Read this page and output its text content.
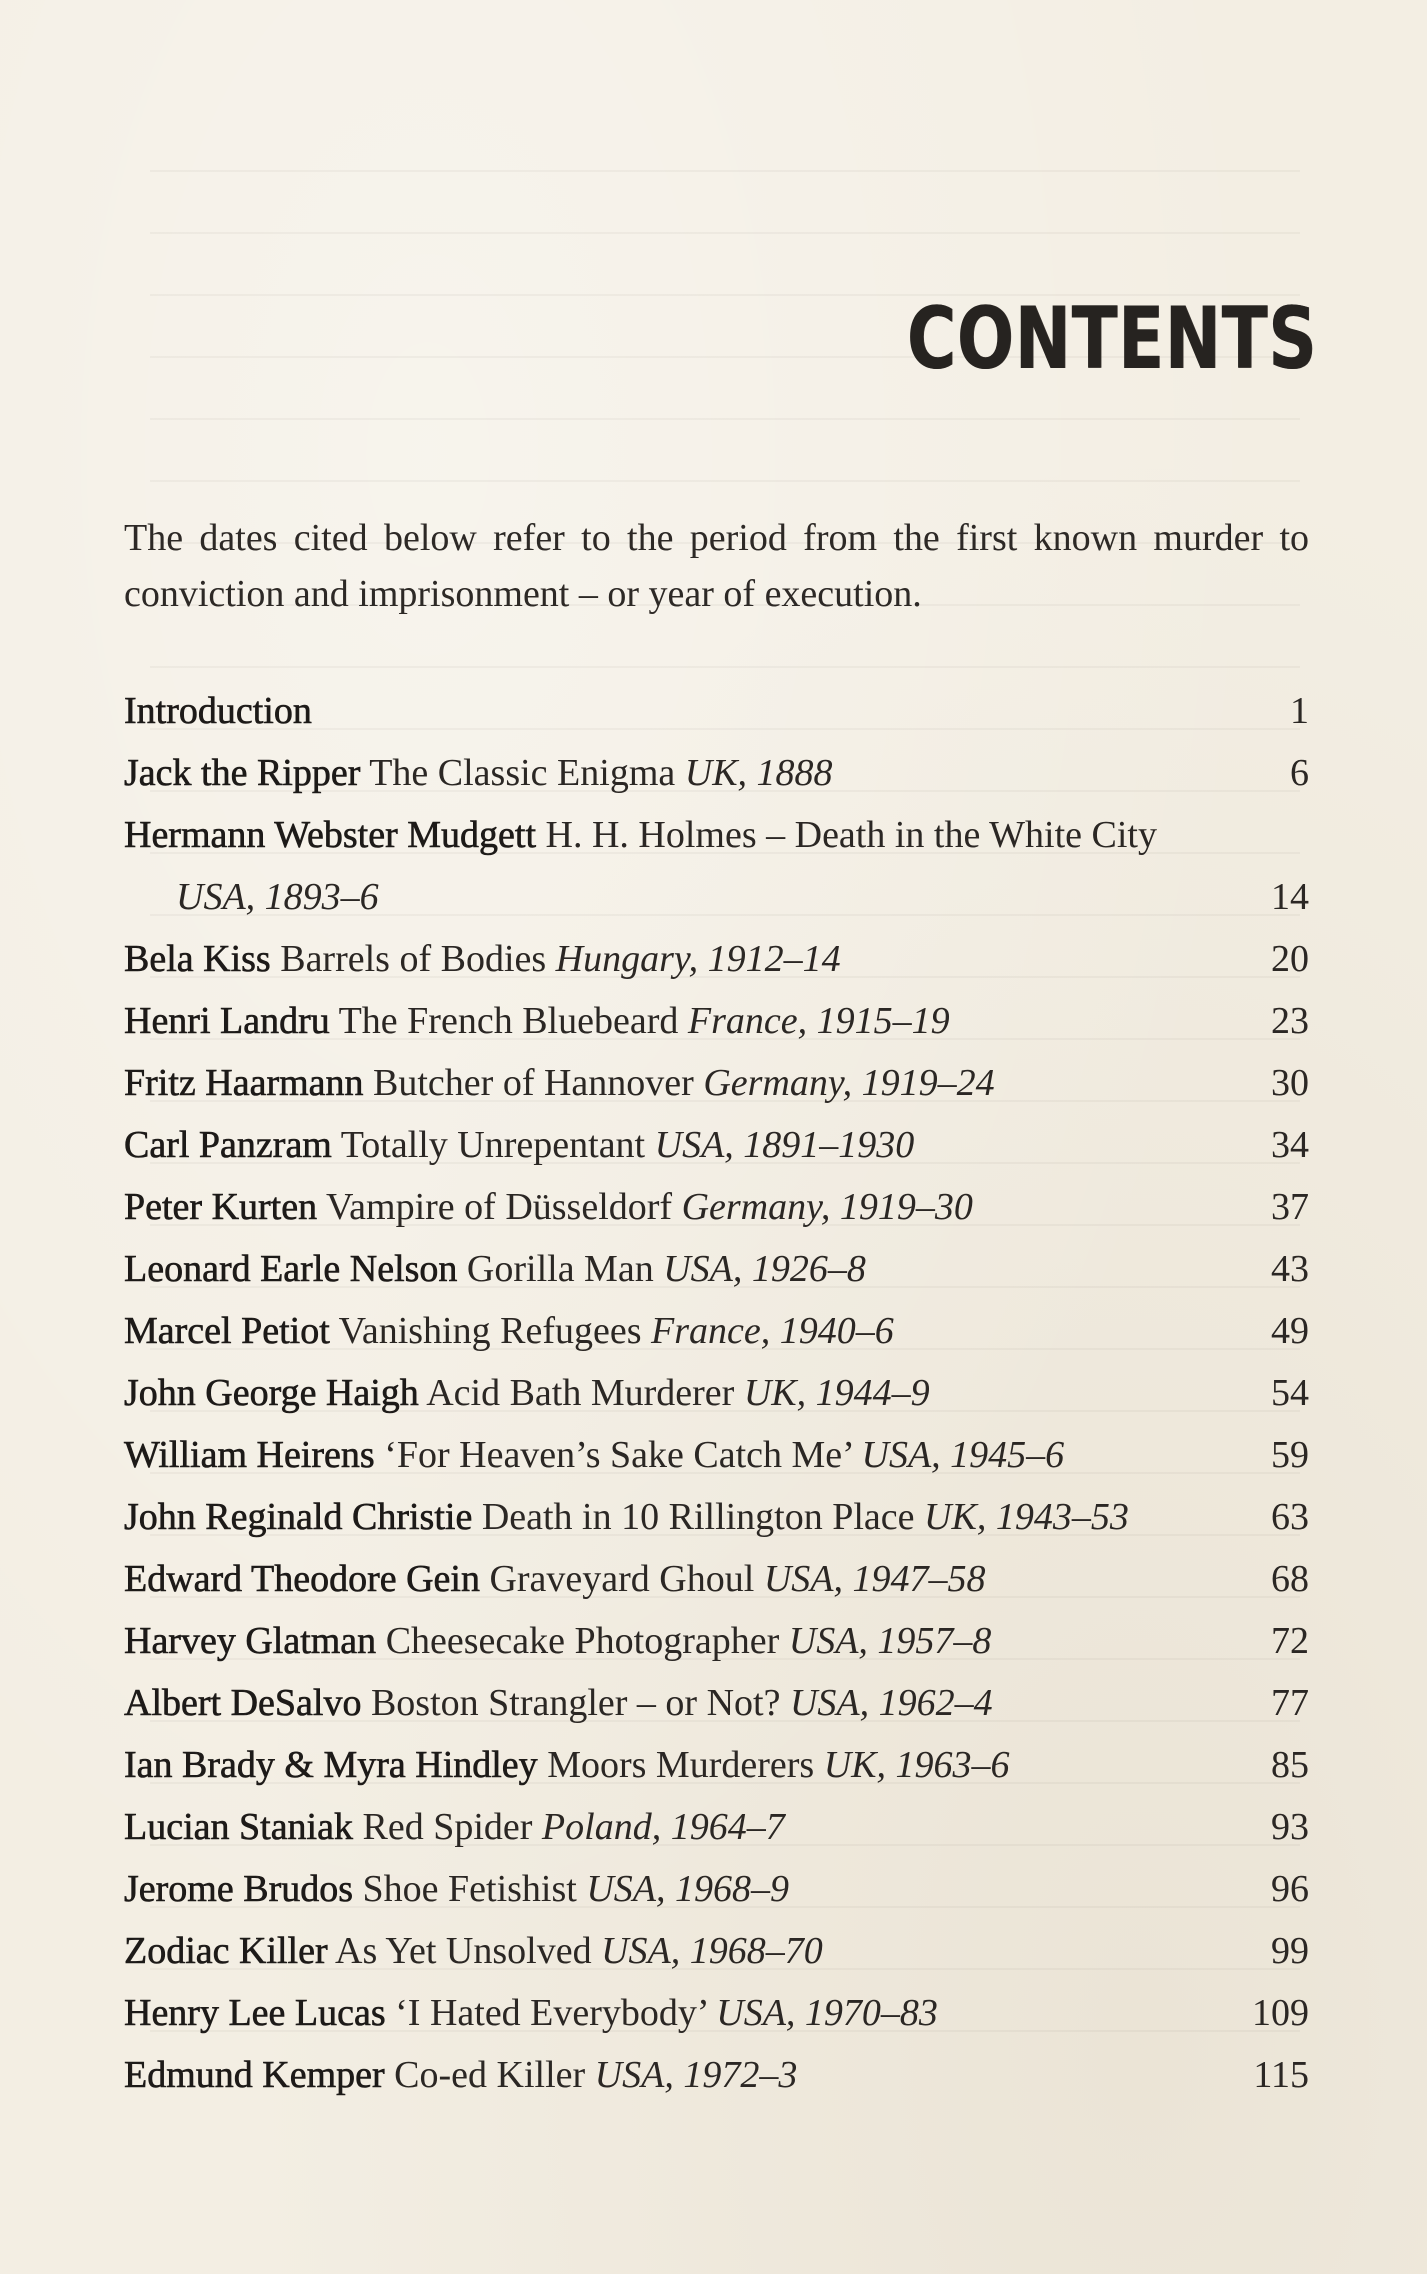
CONTENTS

The dates cited below refer to the period from the first known murder to conviction and imprisonment – or year of execution.

Introduction	1
Jack the Ripper The Classic Enigma UK, 1888	6
Hermann Webster Mudgett H. H. Holmes – Death in the White City USA, 1893–6	14
Bela Kiss Barrels of Bodies Hungary, 1912–14	20
Henri Landru The French Bluebeard France, 1915–19	23
Fritz Haarmann Butcher of Hannover Germany, 1919–24	30
Carl Panzram Totally Unrepentant USA, 1891–1930	34
Peter Kurten Vampire of Düsseldorf Germany, 1919–30	37
Leonard Earle Nelson Gorilla Man USA, 1926–8	43
Marcel Petiot Vanishing Refugees France, 1940–6	49
John George Haigh Acid Bath Murderer UK, 1944–9	54
William Heirens ‘For Heaven’s Sake Catch Me’ USA, 1945–6	59
John Reginald Christie Death in 10 Rillington Place UK, 1943–53	63
Edward Theodore Gein Graveyard Ghoul USA, 1947–58	68
Harvey Glatman Cheesecake Photographer USA, 1957–8	72
Albert DeSalvo Boston Strangler – or Not? USA, 1962–4	77
Ian Brady & Myra Hindley Moors Murderers UK, 1963–6	85
Lucian Staniak Red Spider Poland, 1964–7	93
Jerome Brudos Shoe Fetishist USA, 1968–9	96
Zodiac Killer As Yet Unsolved USA, 1968–70	99
Henry Lee Lucas ‘I Hated Everybody’ USA, 1970–83	109
Edmund Kemper Co-ed Killer USA, 1972–3	115
